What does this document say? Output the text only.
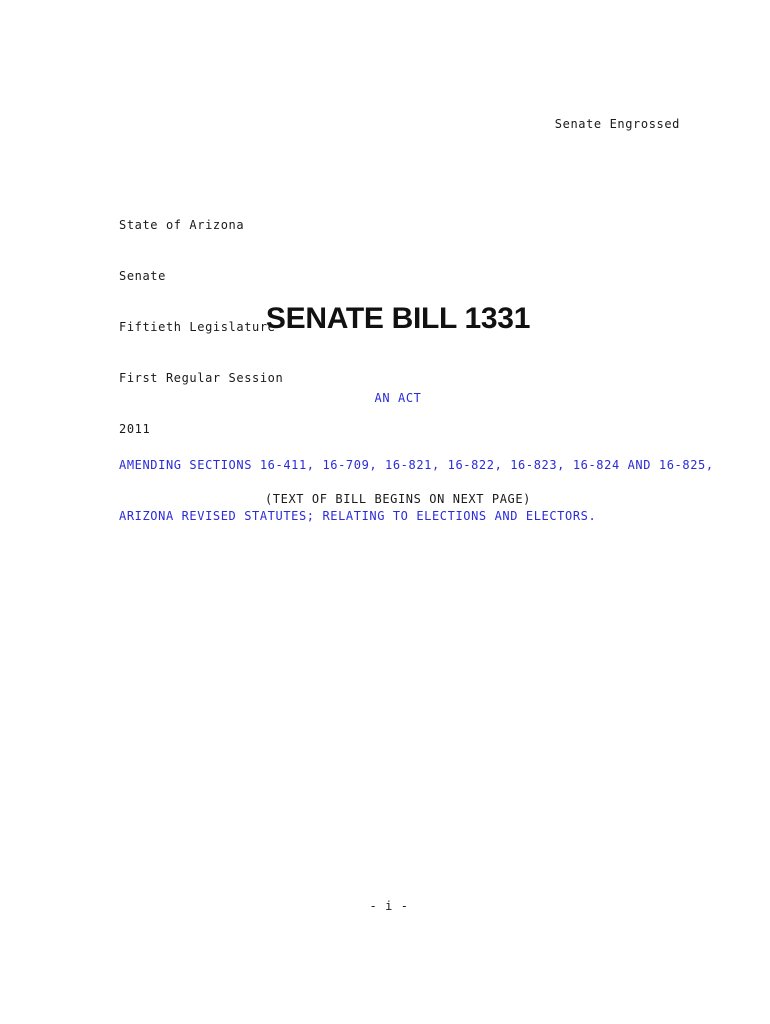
Senate Engrossed

State of Arizona

Senate

Fiftieth Legislature

First Regular Session

2011

SENATE BILL 1331
AN ACT

AMENDING SECTIONS 16-411, 16-709, 16-821, 16-822, 16-823, 16-824 AND 16-825,

ARIZONA REVISED STATUTES; RELATING TO ELECTIONS AND ELECTORS.

(TEXT OF BILL BEGINS ON NEXT PAGE)
- i -
